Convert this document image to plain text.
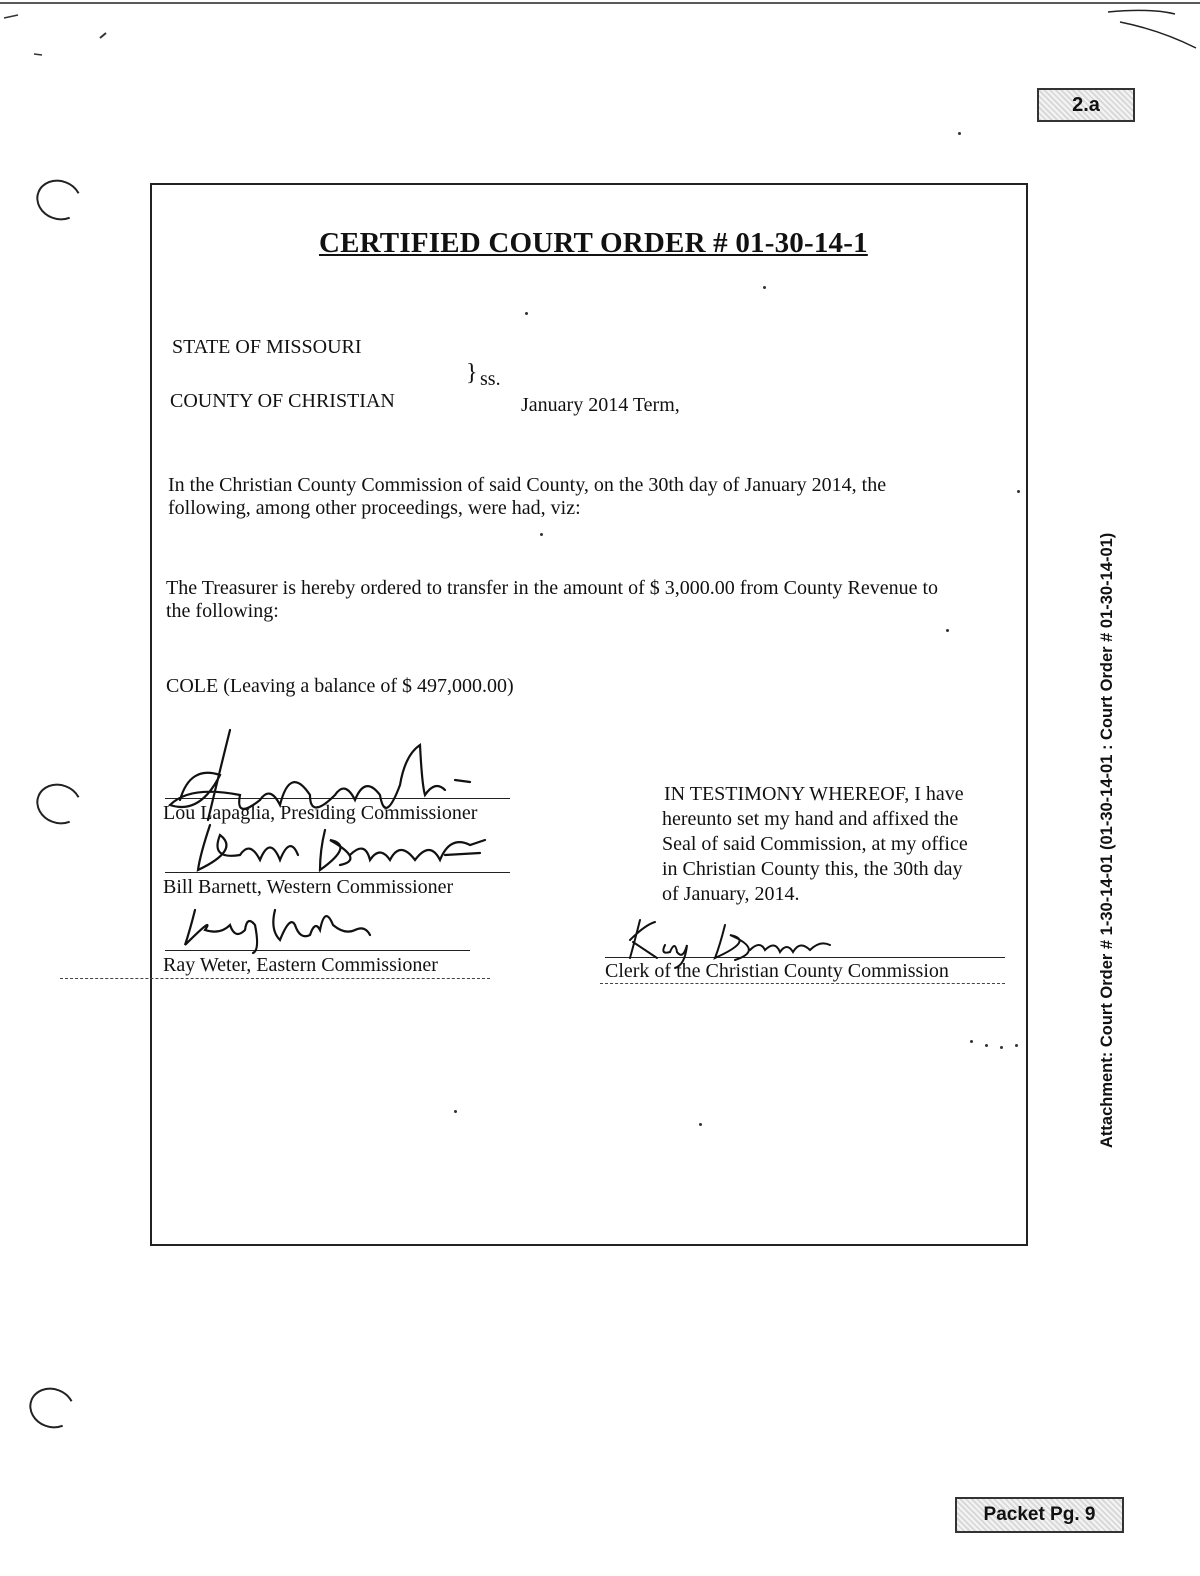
2.a
CERTIFIED COURT ORDER # 01-30-14-1
STATE OF MISSOURI
} ss.
COUNTY OF CHRISTIAN	January 2014 Term,
In the Christian County Commission of said County, on the 30th day of January 2014, the
following, among other proceedings, were had, viz:
The Treasurer is hereby ordered to transfer in the amount of $ 3,000.00 from County Revenue to
the following:
COLE (Leaving a balance of $ 497,000.00)
Lou Lapaglia, Presiding Commissioner
Bill Barnett, Western Commissioner
Ray Weter, Eastern Commissioner
IN TESTIMONY WHEREOF, I have
hereunto set my hand and affixed the
Seal of said Commission, at my office
in Christian County this, the 30th day
of January, 2014.
Clerk of the Christian County Commission	Attachment: Court Order # 1-30-14-01 (01-30-14-01 : Court Order # 01-30-14-01)
Packet Pg. 9
